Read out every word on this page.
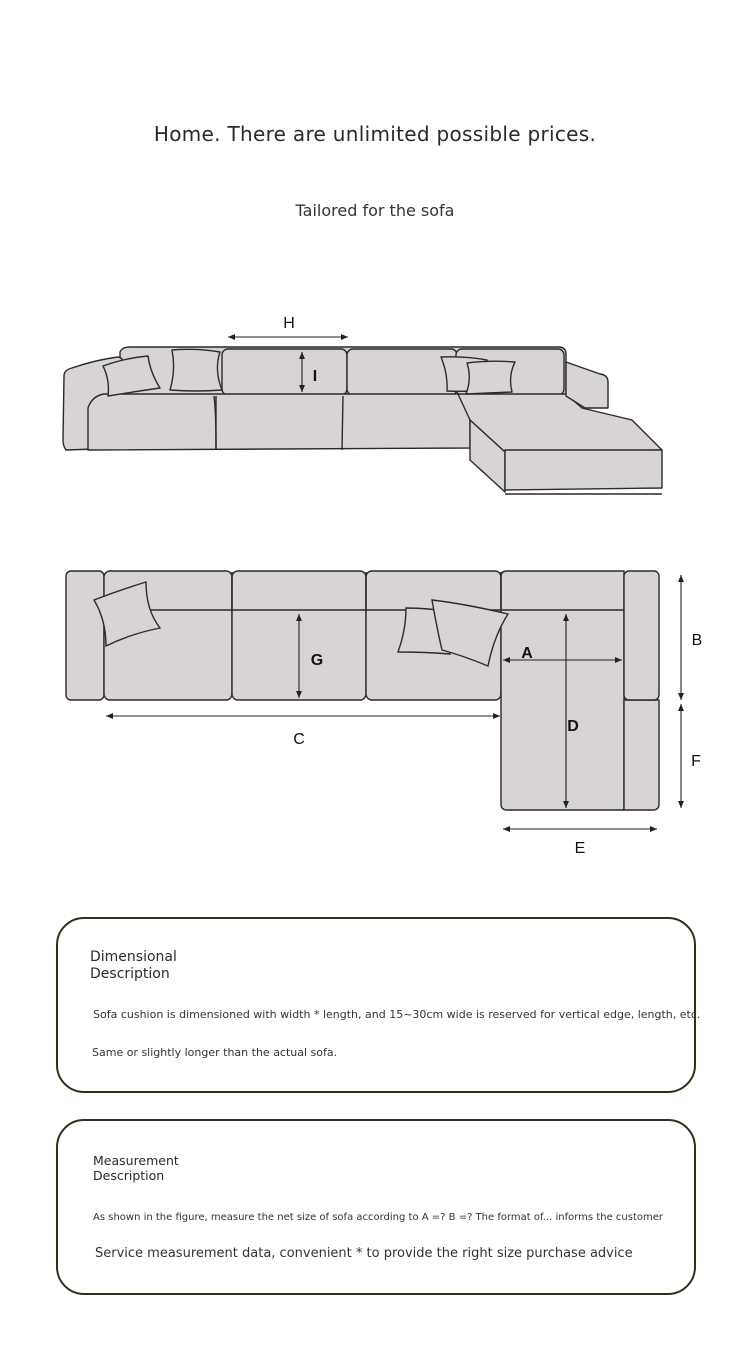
Home. There are unlimited possible prices.
Tailored for the sofa
H
I
G	A
D
B
F
C
E
Dimensional Description
Sofa cushion is dimensioned with width * length, and 15~30cm wide is reserved for vertical edge, length, etc.
Same or slightly longer than the actual sofa.
Measurement Description
As shown in the figure, measure the net size of sofa according to A =? B =? The format of... informs the customer
Service measurement data, convenient * to provide the right size purchase advice
